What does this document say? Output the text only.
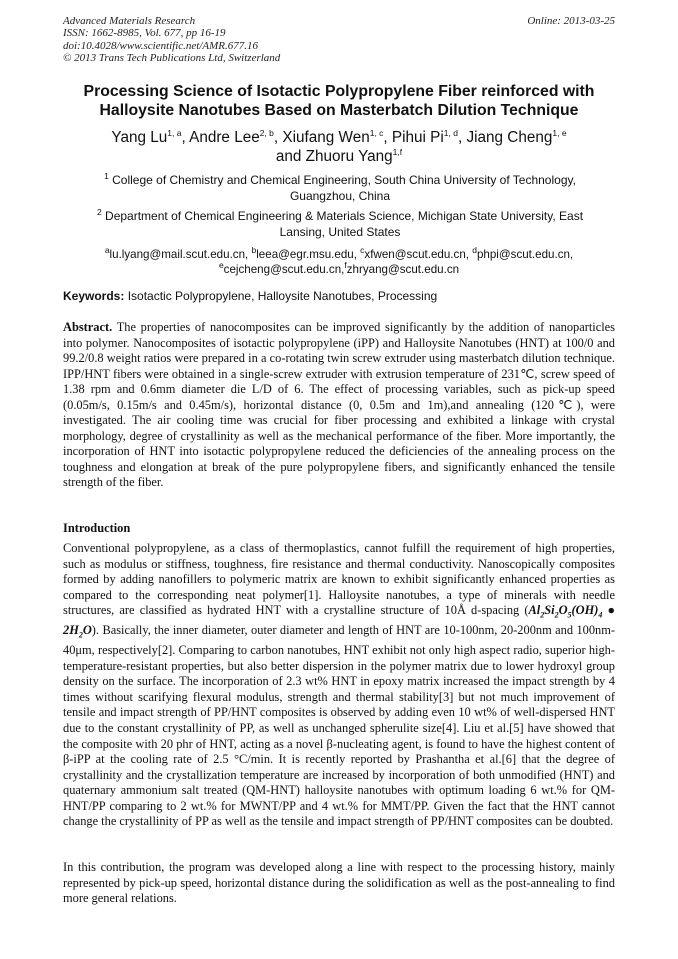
Advanced Materials Research
ISSN: 1662-8985, Vol. 677, pp 16-19
doi:10.4028/www.scientific.net/AMR.677.16
© 2013 Trans Tech Publications Ltd, Switzerland
Online: 2013-03-25
Processing Science of Isotactic Polypropylene Fiber reinforced with Halloysite Nanotubes Based on Masterbatch Dilution Technique
Yang Lu$^{1, a}$, Andre Lee$^{2, b}$, Xiufang Wen$^{1, c}$, Pihui Pi$^{1, d}$, Jiang Cheng$^{1, e}$
and Zhuoru Yang$^{1,f}$
$^1$ College of Chemistry and Chemical Engineering, South China University of Technology, Guangzhou, China
$^2$ Department of Chemical Engineering & Materials Science, Michigan State University, East Lansing, United States
$^a$lu.lyang@mail.scut.edu.cn, $^b$leea@egr.msu.edu, $^c$xfwen@scut.edu.cn, $^d$phpi@scut.edu.cn,
$^e$cejcheng@scut.edu.cn,$^f$zhryang@scut.edu.cn
Keywords: Isotactic Polypropylene, Halloysite Nanotubes, Processing
Abstract. The properties of nanocomposites can be improved significantly by the addition of nanoparticles into polymer. Nanocomposites of isotactic polypropylene (iPP) and Halloysite Nanotubes (HNT) at 100/0 and 99.2/0.8 weight ratios were prepared in a co-rotating twin screw extruder using masterbatch dilution technique. IPP/HNT fibers were obtained in a single-screw extruder with extrusion temperature of 231℃, screw speed of 1.38 rpm and 0.6mm diameter die L/D of 6. The effect of processing variables, such as pick-up speed (0.05m/s, 0.15m/s and 0.45m/s), horizontal distance (0, 0.5m and 1m),and annealing (120℃), were investigated. The air cooling time was crucial for fiber processing and exhibited a linkage with crystal morphology, degree of crystallinity as well as the mechanical performance of the fiber. More importantly, the incorporation of HNT into isotactic polypropylene reduced the deficiencies of the annealing process on the toughness and elongation at break of the pure polypropylene fibers, and significantly enhanced the tensile strength of the fiber.
Introduction
Conventional polypropylene, as a class of thermoplastics, cannot fulfill the requirement of high properties, such as modulus or stiffness, toughness, fire resistance and thermal conductivity. Nanoscopically composites formed by adding nanofillers to polymeric matrix are known to exhibit significantly enhanced properties as compared to the corresponding neat polymer[1]. Halloysite nanotubes, a type of minerals with needle structures, are classified as hydrated HNT with a crystalline structure of 10Å d-spacing ($Al_2Si_2O_5(OH)_4$ ● $2H_2O$). Basically, the inner diameter, outer diameter and length of HNT are 10-100nm, 20-200nm and 100nm-40μm, respectively[2]. Comparing to carbon nanotubes, HNT exhibit not only high aspect radio, superior high-temperature-resistant properties, but also better dispersion in the polymer matrix due to lower hydroxyl group density on the surface. The incorporation of 2.3 wt% HNT in epoxy matrix increased the impact strength by 4 times without scarifying flexural modulus, strength and thermal stability[3] but not much improvement of tensile and impact strength of PP/HNT composites is observed by adding even 10 wt% of well-dispersed HNT due to the constant crystallinity of PP, as well as unchanged spherulite size[4]. Liu et al.[5] have showed that the composite with 20 phr of HNT, acting as a novel β-nucleating agent, is found to have the highest content of β-iPP at the cooling rate of 2.5 °C/min. It is recently reported by Prashantha et al.[6] that the degree of crystallinity and the crystallization temperature are increased by incorporation of both unmodified (HNT) and quaternary ammonium salt treated (QM-HNT) halloysite nanotubes with optimum loading 6 wt.% for QM-HNT/PP comparing to 2 wt.% for MWNT/PP and 4 wt.% for MMT/PP. Given the fact that the HNT cannot change the crystallinity of PP as well as the tensile and impact strength of PP/HNT composites can be doubted.
In this contribution, the program was developed along a line with respect to the processing history, mainly represented by pick-up speed, horizontal distance during the solidification as well as the post-annealing to find more general relations.
